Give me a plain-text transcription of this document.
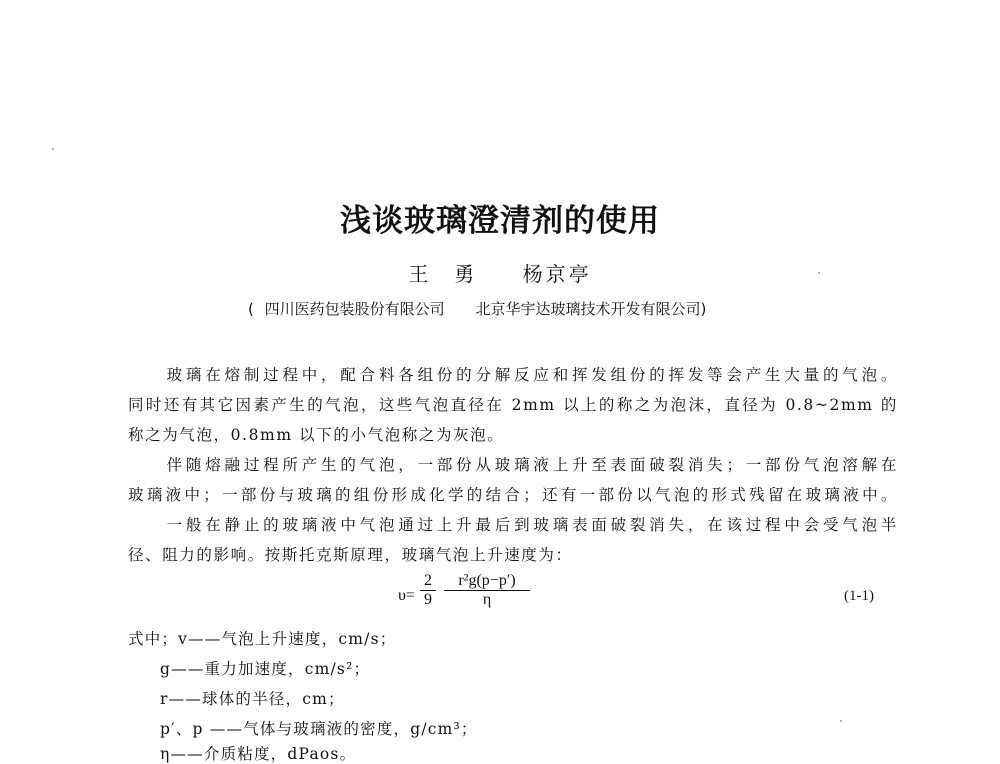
浅谈玻璃澄清剂的使用
王　勇 杨京亭
( 四川医药包装股份有限公司 北京华宇达玻璃技术开发有限公司)
　　玻璃在熔制过程中，配合料各组份的分解反应和挥发组份的挥发等会产生大量的气泡。
同时还有其它因素产生的气泡，这些气泡直径在 2mm 以上的称之为泡沫，直径为 0.8~2mm 的
称之为气泡，0.8mm 以下的小气泡称之为灰泡。
　　伴随熔融过程所产生的气泡，一部份从玻璃液上升至表面破裂消失；一部份气泡溶解在
玻璃液中；一部份与玻璃的组份形成化学的结合；还有一部份以气泡的形式残留在玻璃液中。
　　一般在静止的玻璃液中气泡通过上升最后到玻璃表面破裂消失，在该过程中会受气泡半
径、阻力的影响。按斯托克斯原理，玻璃气泡上升速度为：
$\upsilon= \frac{2}{9} \frac{\text{r²g(p−p′)}}{\eta}$	(1-1)
式中；v——气泡上升速度，cm/s；
g——重力加速度，cm/s²；
r——球体的半径，cm；
p′、p ——气体与玻璃液的密度，g/cm³；
η——介质粘度，dPaos。
